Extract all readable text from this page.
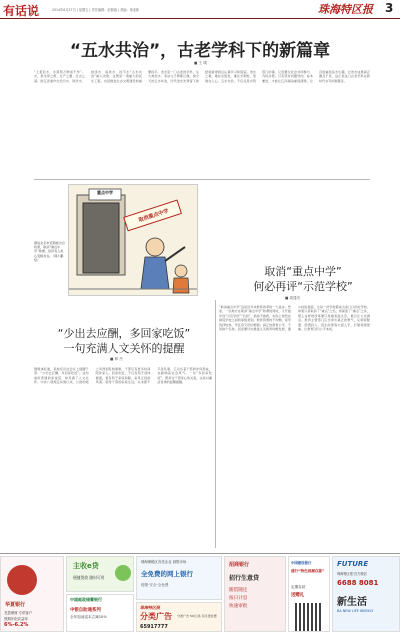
有话说	2014年6月27日 | 星期五 | 责任编辑：赵修毅 | 美编：徐亚新	珠海特区报 3
“五水共治”，古老学科下的新篇章
■ 王 璞
“上善若水，水善利万物而不争”。水，是生命之源、生产之要、生态之基。浙江省委作出治污水、防洪水、排涝水、保供水、抓节水“五水共治”重大决策，这既是一项重大的民生工程，也是推进生态文明建设的重要抓手。治水是一门古老的学科，从大禹治水、李冰父子修都江堰，到今天的五水共治，历代治水先贤留下的经验值得我们认真学习和借鉴。治水之难，难在系统性，难在长期性，更难在人心。五水共治，不仅仅是水利部门的事，它需要全社会共同参与、齐抓共管。只有坚持问题导向，标本兼治，才能让江河湖泊重现清澈，让百姓重拾亲水乐趣，让治水成果真正惠及于民，这正是这门古老学科在新时代书写的新篇章。
重点中学
取消重点中学
据说北京市近期将出台政策，取消“重点中学”称谓，但仍有人担心变相存在。（郭小鹏 绘）
取消“重点中学”
何必再评“示范学校”
■ 周蓬安
“取消重点中学”这是近年来教育改革的一大进步。然而，一些地方在取消“重点中学”称谓的同时，又开始评选“示范学校”“名校”，换汤不换药，实际上依然在制造学校之间的等级差别。教育资源的不均衡，是导致择校热、学区房天价的根源。真正的教育公平，不是换个名称，而是要切实推进义务教育均衡发展，缩小校际差距，让每一所学校都成为家门口的好学校。如果只是取消了“重点”之名，却保留了“重点”之实，那么这样的改革便只是做表面文章，难以让公众满意。教育主管部门应当拿出真正的勇气，从师资配置、经费投入、招生政策等方面入手，打破等级壁垒，让教育回归公平本质。
“少出去应酬，多回家吃饭”
一句充满人文关怀的提醒
■ 林 杰
据媒体报道，某地官员在会议上提醒干部：“少出去应酬，多回家吃饭”。这句看似普通的家常话，却充满了人文关怀。中央八项规定实施以来，公款吃喝之风得到有效遏制，干部们有更多时间陪伴家人。回家吃饭，不仅有利于身体健康，更有利于家庭和睦，家风正则政风清。领导干部的家庭生活，从来都不只是私事，它关系着干部的作风养成，也影响着社会风气。一句“多回家吃饭”，既是对干部身心的关爱，也是对廉洁自律的温馨提醒。
华夏银行
龙盈理财 专供客户
预期年化收益率
6%-6.2%
主收e贷
便捷贷款 随时可用
中国邮政储蓄银行
中银自助通系列
全年加油送本立减10%
珠海保税区各类企业 洞察市场
全免费的网上银行
便捷·安全·全免费
珠海特区报
分类广告 分类广告 50元/条 包月更优惠
65917777
招商银行
招行生意贷
随借随还
按日计息
快速审批
中国建设银行
建行“特色视频存款”
定期存款
送赠礼
FUTURE
珠海特区报·官方微信
6688 8081
新生活
BA NEW LIFE WEEKLY
